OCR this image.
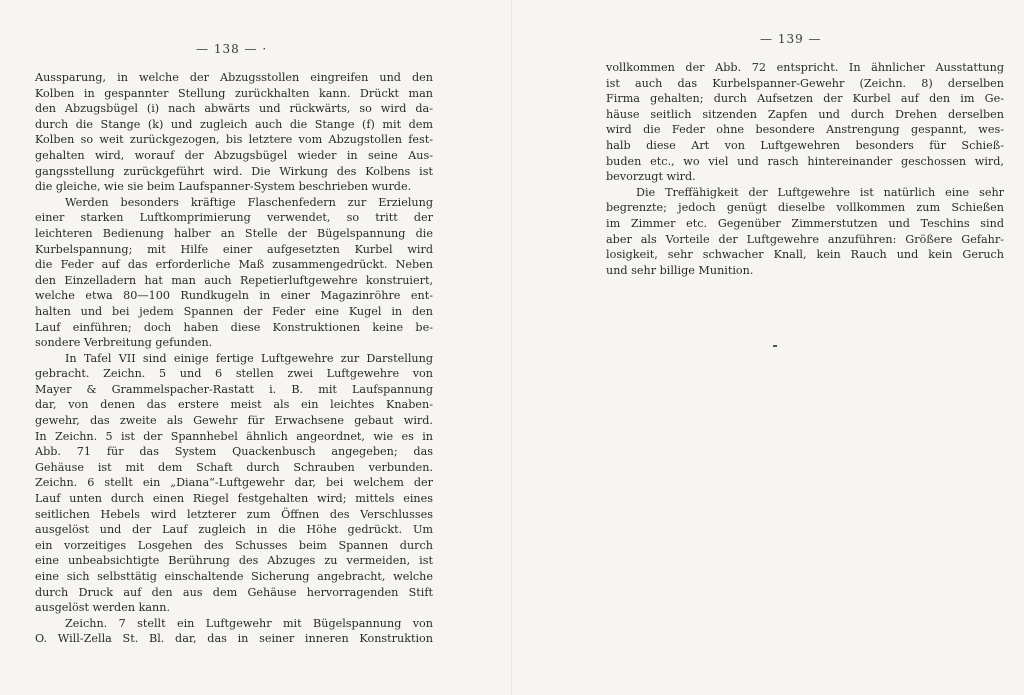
— 138 — ·
Aussparung, in welche der Abzugsstollen eingreifen und den
Kolben in gespannter Stellung zurückhalten kann. Drückt man
den Abzugsbügel (i) nach abwärts und rückwärts, so wird da-
durch die Stange (k) und zugleich auch die Stange (f) mit dem
Kolben so weit zurückgezogen, bis letztere vom Abzugstollen fest-
gehalten wird, worauf der Abzugsbügel wieder in seine Aus-
gangsstellung zurückgeführt wird. Die Wirkung des Kolbens ist
die gleiche, wie sie beim Laufspanner-System beschrieben wurde.
Werden besonders kräftige Flaschenfedern zur Erzielung
einer starken Luftkomprimierung verwendet, so tritt der
leichteren Bedienung halber an Stelle der Bügelspannung die
Kurbelspannung; mit Hilfe einer aufgesetzten Kurbel wird
die Feder auf das erforderliche Maß zusammengedrückt. Neben
den Einzelladern hat man auch Repetierluftgewehre konstruiert,
welche etwa 80—100 Rundkugeln in einer Magazinröhre ent-
halten und bei jedem Spannen der Feder eine Kugel in den
Lauf einführen; doch haben diese Konstruktionen keine be-
sondere Verbreitung gefunden.
In Tafel VII sind einige fertige Luftgewehre zur Darstellung
gebracht. Zeichn. 5 und 6 stellen zwei Luftgewehre von
Mayer & Grammelspacher-Rastatt i. B. mit Laufspannung
dar, von denen das erstere meist als ein leichtes Knaben-
gewehr, das zweite als Gewehr für Erwachsene gebaut wird.
In Zeichn. 5 ist der Spannhebel ähnlich angeordnet, wie es in
Abb. 71 für das System Quackenbusch angegeben; das
Gehäuse ist mit dem Schaft durch Schrauben verbunden.
Zeichn. 6 stellt ein „Diana“-Luftgewehr dar, bei welchem der
Lauf unten durch einen Riegel festgehalten wird; mittels eines
seitlichen Hebels wird letzterer zum Öffnen des Verschlusses
ausgelöst und der Lauf zugleich in die Höhe gedrückt. Um
ein vorzeitiges Losgehen des Schusses beim Spannen durch
eine unbeabsichtigte Berührung des Abzuges zu vermeiden, ist
eine sich selbsttätig einschaltende Sicherung angebracht, welche
durch Druck auf den aus dem Gehäuse hervorragenden Stift
ausgelöst werden kann.
Zeichn. 7 stellt ein Luftgewehr mit Bügelspannung von
O. Will-Zella St. Bl. dar, das in seiner inneren Konstruktion
— 139 —
vollkommen der Abb. 72 entspricht. In ähnlicher Ausstattung
ist auch das Kurbelspanner-Gewehr (Zeichn. 8) derselben
Firma gehalten; durch Aufsetzen der Kurbel auf den im Ge-
häuse seitlich sitzenden Zapfen und durch Drehen derselben
wird die Feder ohne besondere Anstrengung gespannt, wes-
halb diese Art von Luftgewehren besonders für Schieß-
buden etc., wo viel und rasch hintereinander geschossen wird,
bevorzugt wird.
Die Treffähigkeit der Luftgewehre ist natürlich eine sehr
begrenzte; jedoch genügt dieselbe vollkommen zum Schießen
im Zimmer etc. Gegenüber Zimmerstutzen und Teschins sind
aber als Vorteile der Luftgewehre anzuführen: Größere Gefahr-
losigkeit, sehr schwacher Knall, kein Rauch und kein Geruch
und sehr billige Munition.
